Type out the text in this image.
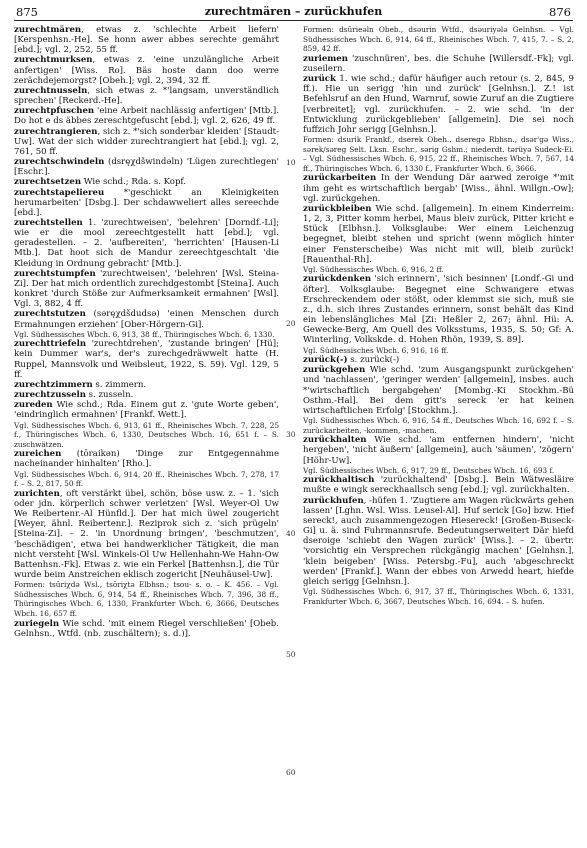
875	zurechtmären – zurückhufen	876
zurechtmären, etwas z. 'schlechte Arbeit liefern' [Kerspenhsn.-He]. Se honn awer abbes serechte gemährt [ebd.]; vgl. 2, 252, 55 ff.
zurechtmurksen, etwas z. 'eine unzulängliche Arbeit anfertigen' [Wiss. Ro]. Bäs hoste dann doo werre zerächdejemorgst? [Obeh.]; vgl. 2, 394, 32 ff.
zurechtnusseln, sich etwas z. *'langsam, unverständlich sprechen' [Reckerd.-He].
zurechtpfuschen 'eine Arbeit nachlässig anfertigen' [Mtb.]. Do hot e ds äbbes zereschtgefuscht [ebd.]; vgl. 2, 626, 49 ff.
zurechtrangieren, sich z. *'sich sonderbar kleiden' [Staudt-Uw]. Wat der sich widder zurechtrangiert hat [ebd.]; vgl. 2, 761, 50 ff.
zurechtschwindeln (dsręχdšwindəln) 'Lügen zurechtlegen' [Eschr.].
zurechtsetzen Wie schd.; Rda. s. Kopf.
zurechtstapeliereu *'geschickt an Kleinigkeiten herumarbeiten' [Dsbg.]. Der schdawweliert alles sereechde [ebd.].
zurechtstellen 1. 'zurechtweisen', 'belehren' [Dorndf.-Li]; wie er die mool zereechtgestellt hatt [ebd.]; vgl. geradestellen. – 2. 'aufbereiten', 'herrichten' [Hausen-Li Mtb.]. Dat hoot sich de Mandur zereechtgeschtalt 'die Kleidung in Ordnung gebracht' [Mtb.].
zurechtstumpfen 'zurechtweisen', 'belehren' [Wsl. Steina-Zi]. Der hat mich ordentlich zurechdgestombt [Steina]. Auch konkret 'durch Stöße zur Aufmerksamkeit ermahnen' [Wsl]. Vgl. 3, 882, 4 ff.
zurechtstutzen (səręχdšdudsə) 'einen Menschen durch Ermahnungen erziehen' [Ober-Hörgern-Gi].
Vgl. Südhessisches Wbch. 6, 913, 38 ff., Thüringisches Wbch. 6, 1330.
zurechttriefeln 'zurechtdrehen', 'zustande bringen' [Hü]; kein Dummer war's, der's zurechgedräwwelt hatte (H. Ruppel, Mannsvolk und Weibsleut, 1922, S. 59). Vgl. 129, 5 ff.
zurechtzimmern s. zimmern.
zurechtzusseln s. zusseln.
zureden Wie schd.; Rda. Einem gut z. 'gute Worte geben', 'eindringlich ermahnen' [Frankf. Wett.].
Vgl. Südhessisches Wbch. 6, 913, 61 ff., Rheinisches Wbch. 7, 228, 25 f., Thüringisches Wbch. 6, 1330, Deutsches Wbch. 16, 651 f. – S. zuschwätzen.
zureichen (tōraikən) 'Dinge zur Entgegennahme nacheinander hinhalten' [Rho.].
Vgl. Südhessisches Wbch. 6, 914, 20 ff., Rheinisches Wbch. 7, 278, 17 f. – S. 2, 817, 50 ff.
zurichten, oft verstärkt übel, schön, böse usw. z. – 1. 'sich oder jdn. körperlich schwer verletzen' [Wsl. Weyer-Ol Uw We Reibertenr.-Al Hünfld.]. Der hat mich üwel zougericht [Weyer, ähnl. Reibertenr.]. Reziprok sich z. 'sich prügeln' [Steina-Zi]. – 2. 'in Unordnung bringen', 'beschmutzen', 'beschädigen', etwa bei handwerklicher Tätigkeit, die man nicht versteht [Wsl. Winkels-Ol Uw Hellenhahn-We Hahn-Ow Battenhsn.-Fk]. Etwas z. wie ein Ferkel [Battenhsn.], die Tür wurde beim Anstreichen eklisch zogericht [Neuhäusel-Uw].
Formen: tsūriχdə Wsl., tsōriχtə Elbhsn.; tsou- s. o. – K. 456. – Vgl. Südhessisches Wbch. 6, 914, 54 ff., Rheinisches Wbch. 7, 396, 38 ff., Thüringisches Wbch. 6, 1330, Frankfurter Wbch. 6, 3666, Deutsches Wbch. 16, 657 ff.
zuriegeln Wie schd. 'mit einem Riegel verschließen' [Obeb. Gelnhsn., Wtfd. (nb. zuschältern); s. d.)].
Formen: dsūrieəln Obeb., dsəurin Wtfd., dsəuriyələ Gelnhsn. – Vgl. Südhessisches Wbch. 6, 914, 64 ff., Rheinisches Wbch. 7, 415, 7. – S. 2, 859, 42 ff.
zuriemen 'zuschnüren', bes. die Schuhe [Willersdf.-Fk]; vgl. zuseilern.
zurück 1. wie schd.; dafür häufiger auch retour (s. 2, 845, 9 ff.). Hie un serigg 'hin und zurück' [Gelnhsn.]. Z.! ist Befehlsruf an den Hund, Warnruf, sowie Zuruf an die Zugtiere [verbreitet]; vgl. zurückhufen. – 2. wie schd. 'in der Entwicklung zurückgeblieben' [allgemein]. Die sei noch fuffzich Johr serigg [Gelnhsn.].
Formen: dsurik Frankf., dserek Obeh., dseregə Rbhsn., dsər'gə Wiss., sərek/səreg Selt. Lksn. Eschr., sərig Gshm.; niederdt. tərüyə Sudeck-Ei. – Vgl. Südhessisches Wbch. 6, 915, 22 ff., Rheinisches Wbch. 7, 567, 14 ff., Thüringisches Wbch. 6, 1330 f., Frankfurter Wbch. 6, 3666.
zurückarbeiten In der Wendung Där aarwed zeroige *'mit ihm geht es wirtschaftlich bergab' [Wiss., ähnl. Willgn.-Ow]; vgl. zurückgehen.
zurückbleiben Wie schd. [allgemein]. In einem Kinderreim: 1, 2, 3, Pitter komm herbei, Maus bleiv zurück, Pitter kricht e Stück [Elbhsn.]. Volksglaube: Wer einem Leichenzug begegnet, bleibt stehen und spricht (wenn möglich hinter einer Fensterscheibe) Was nicht mit will, bleib zurück! [Rauenthal-Rh].
Vgl. Südhessisches Wbch. 6, 916, 2 ff.
zurückdenken 'sich erinnern', 'sich besinnen' [Londf.-Gi und öfter]. Volksglaube: Begegnet eine Schwangere etwas Erschreckendem oder stößt, oder klemmst sie sich, muß sie z., d.h. sich ihres Zustandes erinnern, sonst behält das Kind ein lebenslängliches Mal [Zi: Heßler 2, 267; ähnl. Hü: A. Gewecke-Berg, Am Quell des Volksstums, 1935, S. 50; Gf: A. Winterling, Volkskde. d. Hohen Rhön, 1939, S. 89].
Vgl. Südhessisches Wbch. 6, 916, 16 ff.
zurück(-) s. zurück(-)
zurückgehen Wie schd. 'zum Ausgangspunkt zurückgehen' und 'nachlassen', 'geringer werden' [allgemein], insbes. auch *'wirtschaftlich bergabgehen' [Mombg.-Ki Stockhm.-Bü Osthm.-Hal]. Bei dem gitt's sereck 'er hat keinen wirtschaftlichen Erfolg' [Stockhm.].
Vgl. Südhessisches Wbch. 6, 916, 54 ff., Deutsches Wbch. 16, 692 f. – S. zurückarbeiten, -kommen, -machen.
zurückhalten Wie schd. 'am entfernen hindern', 'nicht hergeben', 'nicht äußern' [allgemein], auch 'säumen', 'zögern' [Höhr-Uw].
Vgl. Südhessisches Wbch. 6, 917, 29 ff., Deutsches Wbch. 16, 693 f.
zurückhaltisch 'zurückhaltend' [Dsbg.]. Bein Wätwesläire mußte e wingk sereckhaallsch seng [ebd.]; vgl. zurückhalten.
zurückhufen, -hüfen 1. 'Zugtiere am Wagen rückwärts gehen lassen' [Lghn. Wsl. Wiss. Leusel-Al]. Huf serick [Go] bzw. Hief sereck!, auch zusammengezogen Hiesereck! [Großen-Buseck-Gi] u. ä. sind Fuhrmannsrufe. Bedeutungserweitert Där hiefd dseroige 'schiebt den Wagen zurück' [Wiss.]. – 2. übertr. 'vorsichtig ein Versprechen rückgängig machen' [Gelnhsn.], 'klein beigeben' [Wiss. Petersbg.-Fu], auch 'abgeschreckt werden' [Frankf.]. Wann der ebbes von Arwedd heart, hiefde gleich serigg [Gelnhsn.].
Vgl. Südhessisches Wbch. 6, 917, 37 ff., Thüringisches Wbch. 6, 1331, Frankfurter Wbch. 6, 3667, Deutsches Wbch. 16, 694. – S. hufen.
10
20
30
40
50
60
